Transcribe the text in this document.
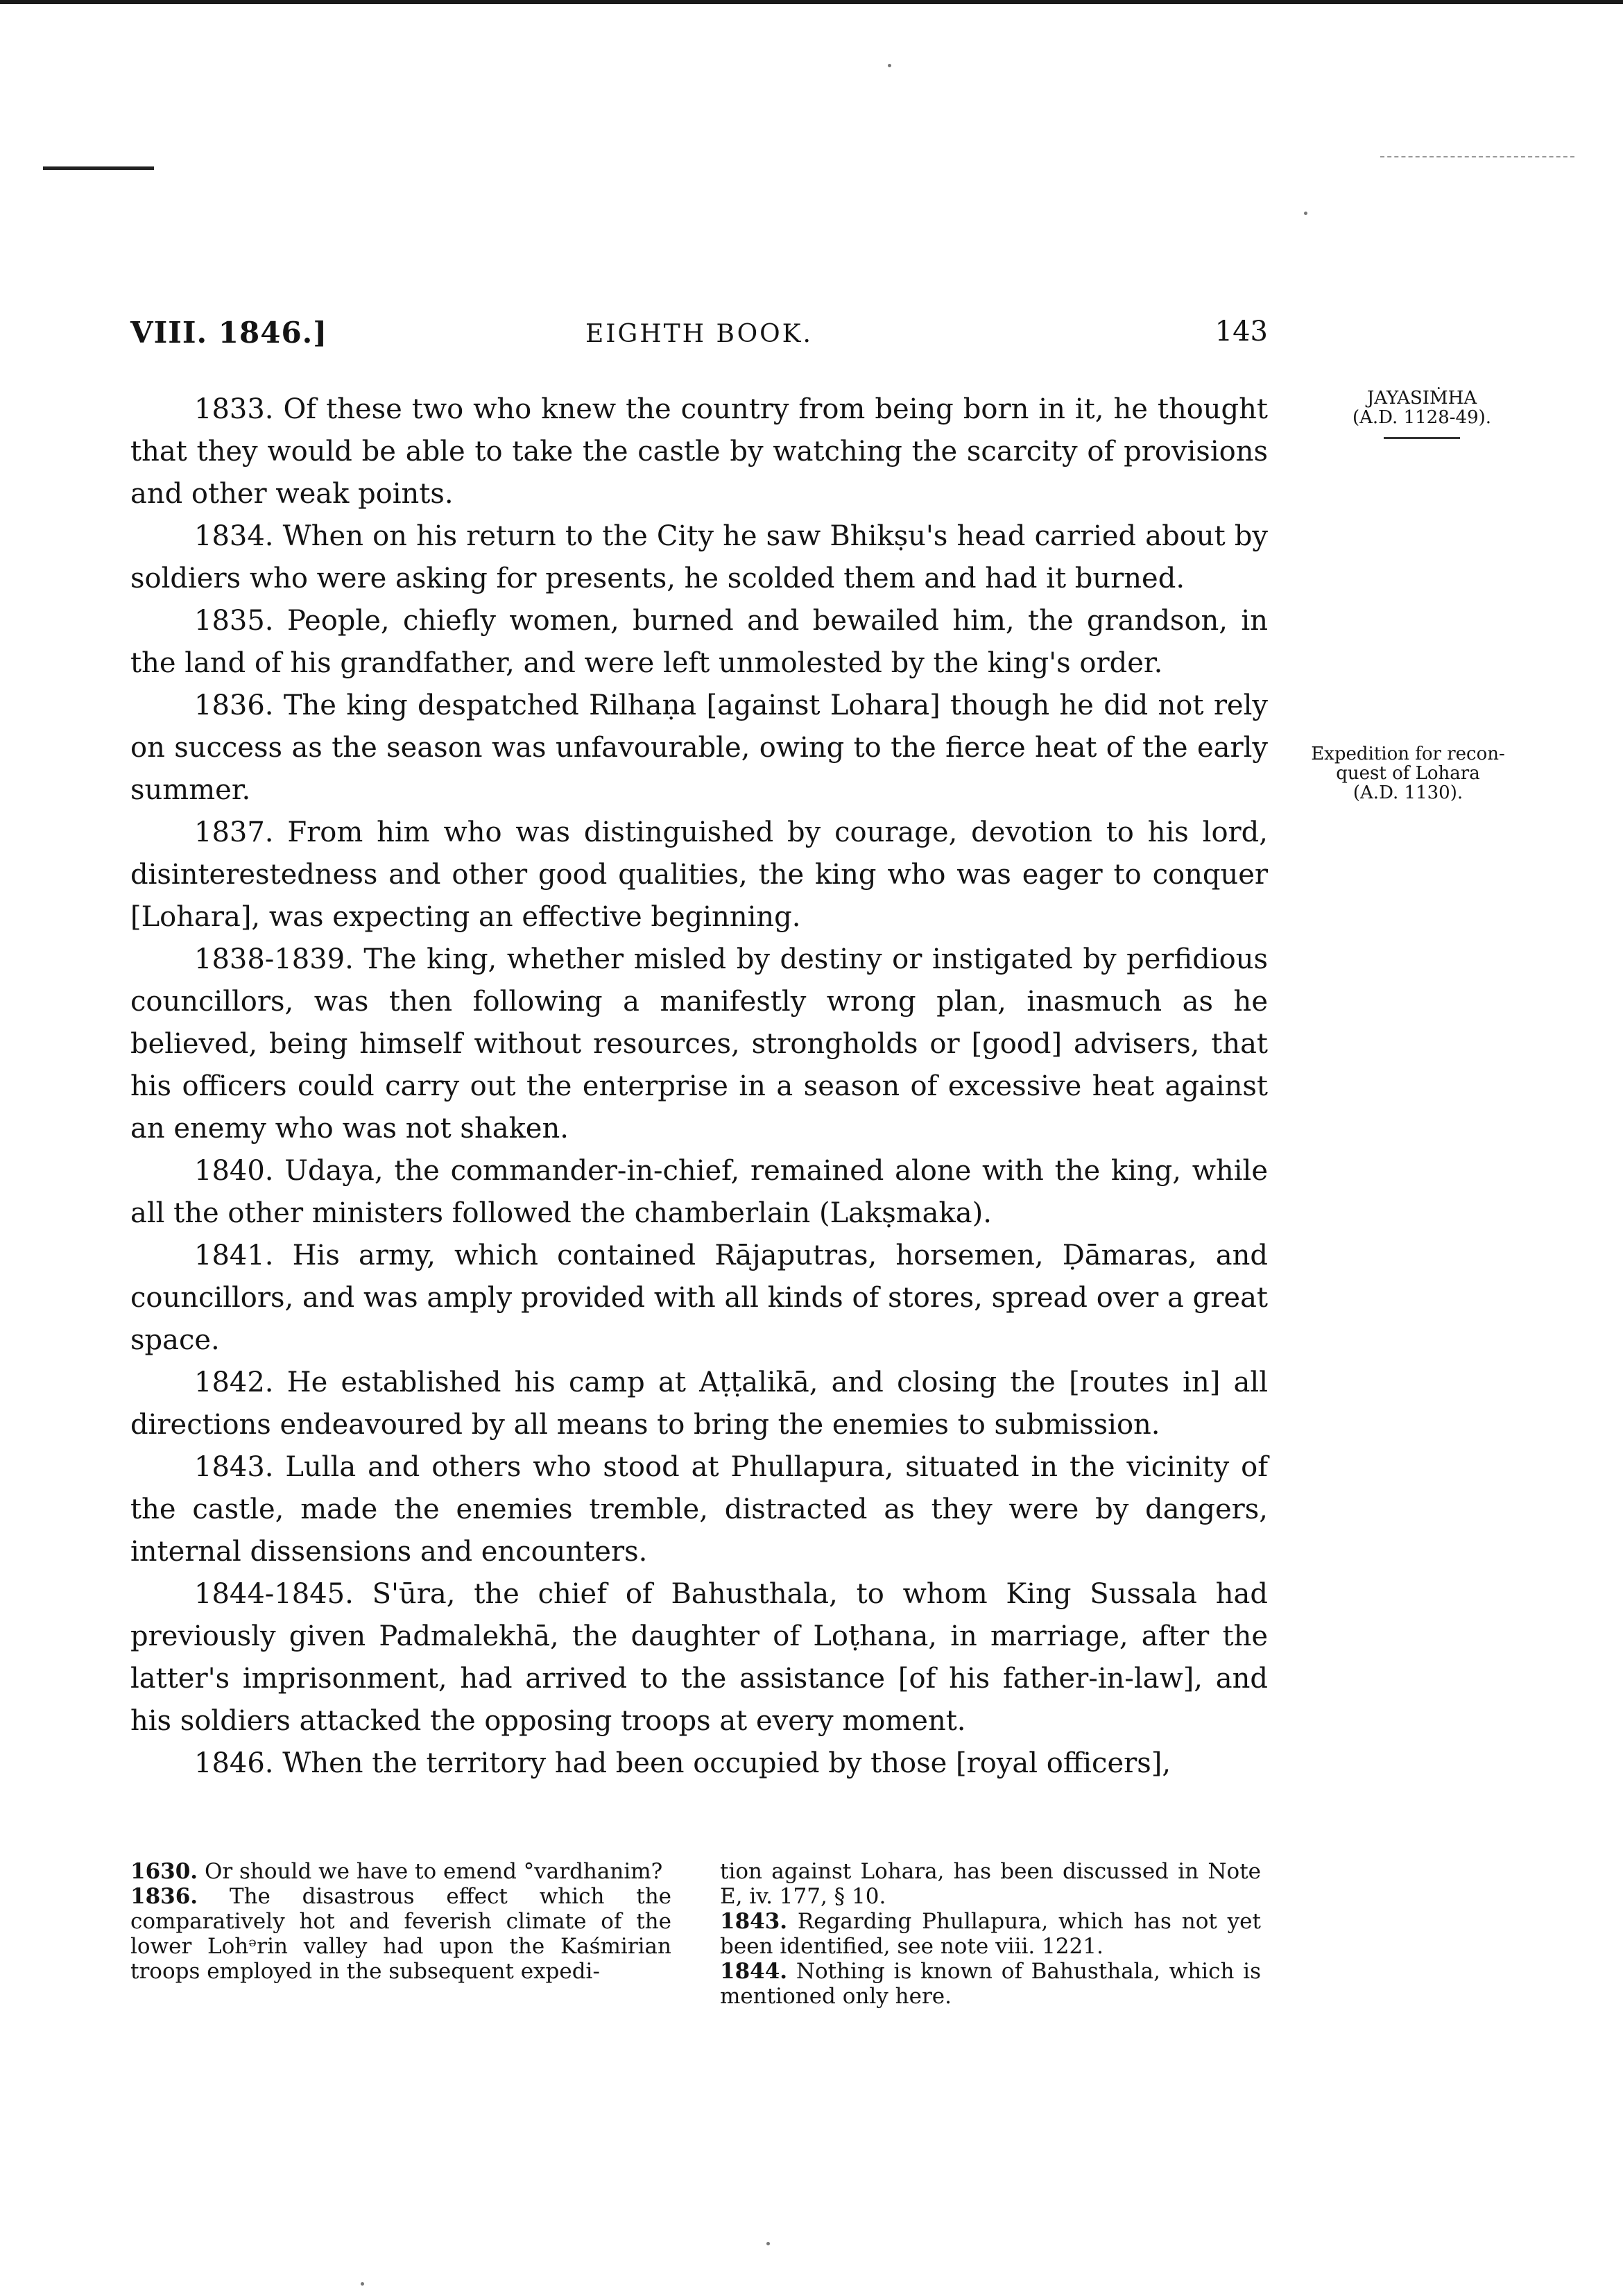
VIII. 1846.]	EIGHTH BOOK.	143
JAYASIṀHA
(A.D. 1128-49).
Expedition for recon-
quest of Lohara
(A.D. 1130).

1833. Of these two who knew the country from being born in it, he thought that they would be able to take the castle by watching the scarcity of provisions and other weak points.

1834. When on his return to the City he saw Bhikṣu's head carried about by soldiers who were asking for presents, he scolded them and had it burned.

1835. People, chiefly women, burned and bewailed him, the grandson, in the land of his grandfather, and were left unmolested by the king's order.

1836. The king despatched Rilhaṇa [against Lohara] though he did not rely on success as the season was unfavourable, owing to the fierce heat of the early summer.

1837. From him who was distinguished by courage, devotion to his lord, disinterestedness and other good qualities, the king who was eager to conquer [Lohara], was expecting an effective beginning.

1838-1839. The king, whether misled by destiny or instigated by perfidious councillors, was then following a manifestly wrong plan, inasmuch as he believed, being himself without resources, strongholds or [good] advisers, that his officers could carry out the enterprise in a season of excessive heat against an enemy who was not shaken.

1840. Udaya, the commander-in-chief, remained alone with the king, while all the other ministers followed the chamberlain (Lakṣmaka).

1841. His army, which contained Rājaputras, horsemen, Ḍāmaras, and councillors, and was amply provided with all kinds of stores, spread over a great space.

1842. He established his camp at Aṭṭalikā, and closing the [routes in] all directions endeavoured by all means to bring the enemies to submission.

1843. Lulla and others who stood at Phullapura, situated in the vicinity of the castle, made the enemies tremble, distracted as they were by dangers, internal dissensions and encounters.

1844-1845. S'ūra, the chief of Bahusthala, to whom King Sussala had previously given Padmalekhā, the daughter of Loṭhana, in marriage, after the latter's imprisonment, had arrived to the assistance [of his father-in-law], and his soldiers attacked the opposing troops at every moment.

1846. When the territory had been occupied by those [royal officers],

1630. Or should we have to emend °vardhanim?

1836. The disastrous effect which the comparatively hot and feverish climate of the lower Lohᵊrin valley had upon the Kaśmirian troops employed in the subsequent expedi-

tion against Lohara, has been discussed in Note E, iv. 177, § 10.

1843. Regarding Phullapura, which has not yet been identified, see note viii. 1221.

1844. Nothing is known of Bahusthala, which is mentioned only here.
